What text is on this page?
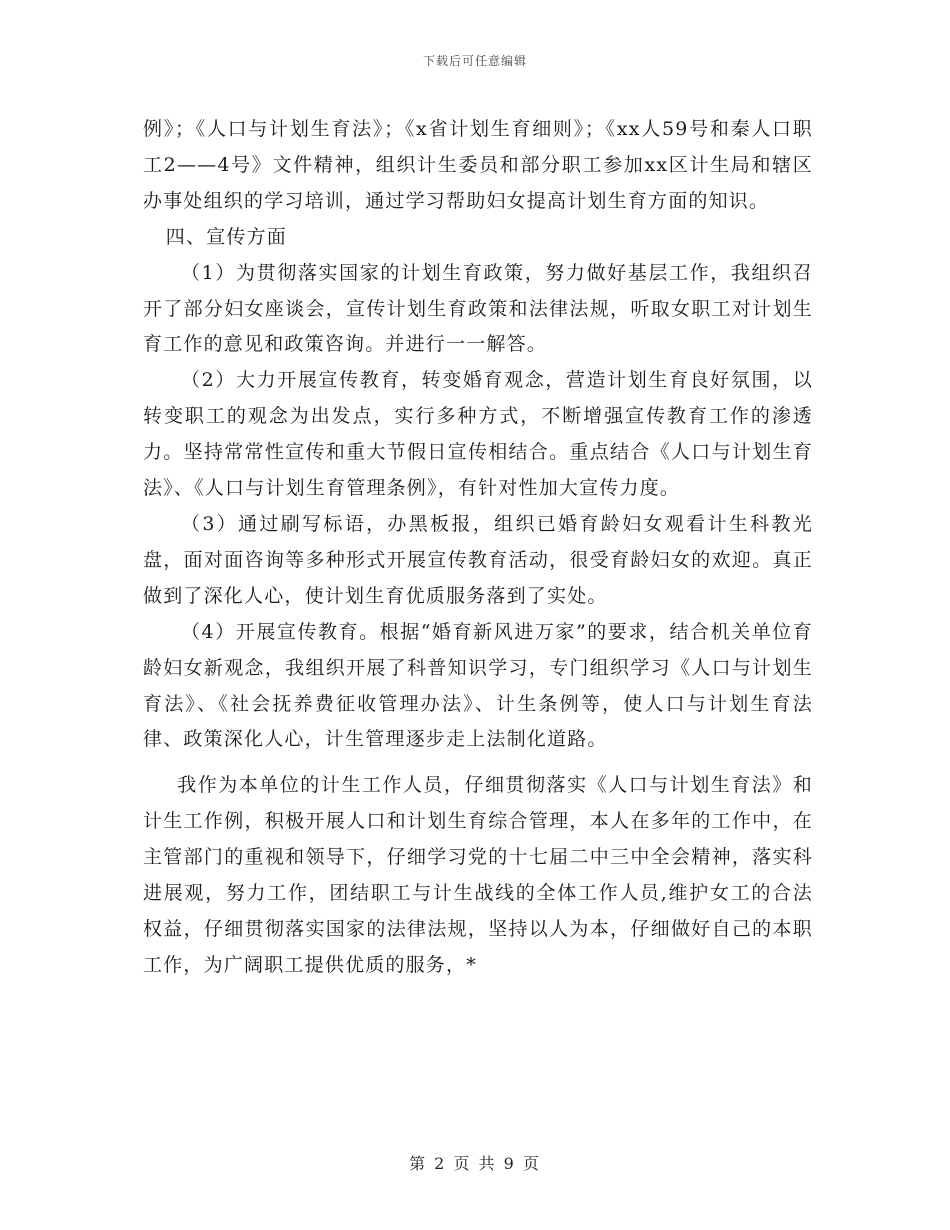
下载后可任意编辑

例》；《人口与计划生育法》；《x省计划生育细则》；《xx人59号和秦人口职工2——4号》文件精神，组织计生委员和部分职工参加xx区计生局和辖区办事处组织的学习培训，通过学习帮助妇女提高计划生育方面的知识。

四、宣传方面

（1）为贯彻落实国家的计划生育政策，努力做好基层工作，我组织召开了部分妇女座谈会，宣传计划生育政策和法律法规，听取女职工对计划生育工作的意见和政策咨询。并进行一一解答。

（2）大力开展宣传教育，转变婚育观念，营造计划生育良好氛围，以转变职工的观念为出发点，实行多种方式，不断增强宣传教育工作的渗透力。坚持常常性宣传和重大节假日宣传相结合。重点结合《人口与计划生育法》、《人口与计划生育管理条例》，有针对性加大宣传力度。

（3）通过刷写标语，办黑板报，组织已婚育龄妇女观看计生科教光盘，面对面咨询等多种形式开展宣传教育活动，很受育龄妇女的欢迎。真正做到了深化人心，使计划生育优质服务落到了实处。

（4）开展宣传教育。根据“婚育新风进万家”的要求，结合机关单位育龄妇女新观念，我组织开展了科普知识学习，专门组织学习《人口与计划生育法》、《社会抚养费征收管理办法》、计生条例等，使人口与计划生育法律、政策深化人心，计生管理逐步走上法制化道路。

我作为本单位的计生工作人员，仔细贯彻落实《人口与计划生育法》和计生工作例，积极开展人口和计划生育综合管理，本人在多年的工作中，在主管部门的重视和领导下，仔细学习党的十七届二中三中全会精神，落实科进展观，努力工作，团结职工与计生战线的全体工作人员,维护女工的合法权益，仔细贯彻落实国家的法律法规，坚持以人为本，仔细做好自己的本职工作，为广阔职工提供优质的服务，*

第 2 页 共 9 页
